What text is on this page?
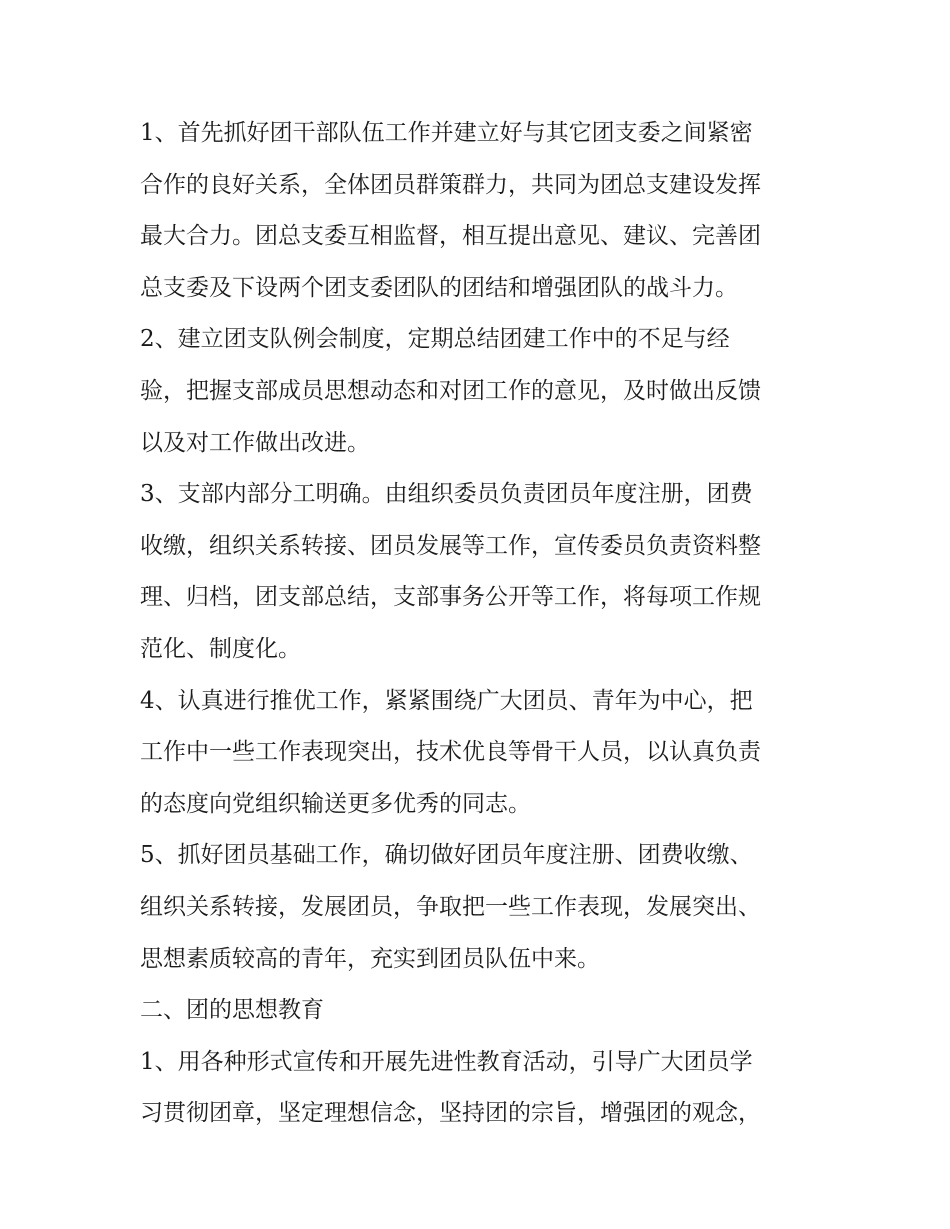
1、首先抓好团干部队伍工作并建立好与其它团支委之间紧密
合作的良好关系，全体团员群策群力，共同为团总支建设发挥
最大合力。团总支委互相监督，相互提出意见、建议、完善团
总支委及下设两个团支委团队的团结和增强团队的战斗力。
2、建立团支队例会制度，定期总结团建工作中的不足与经
验，把握支部成员思想动态和对团工作的意见，及时做出反馈
以及对工作做出改进。
3、支部内部分工明确。由组织委员负责团员年度注册，团费
收缴，组织关系转接、团员发展等工作，宣传委员负责资料整
理、归档，团支部总结，支部事务公开等工作，将每项工作规
范化、制度化。
4、认真进行推优工作，紧紧围绕广大团员、青年为中心，把
工作中一些工作表现突出，技术优良等骨干人员，以认真负责
的态度向党组织输送更多优秀的同志。
5、抓好团员基础工作，确切做好团员年度注册、团费收缴、
组织关系转接，发展团员，争取把一些工作表现，发展突出、
思想素质较高的青年，充实到团员队伍中来。
二、团的思想教育
1、用各种形式宣传和开展先进性教育活动，引导广大团员学
习贯彻团章，坚定理想信念，坚持团的宗旨，增强团的观念，
